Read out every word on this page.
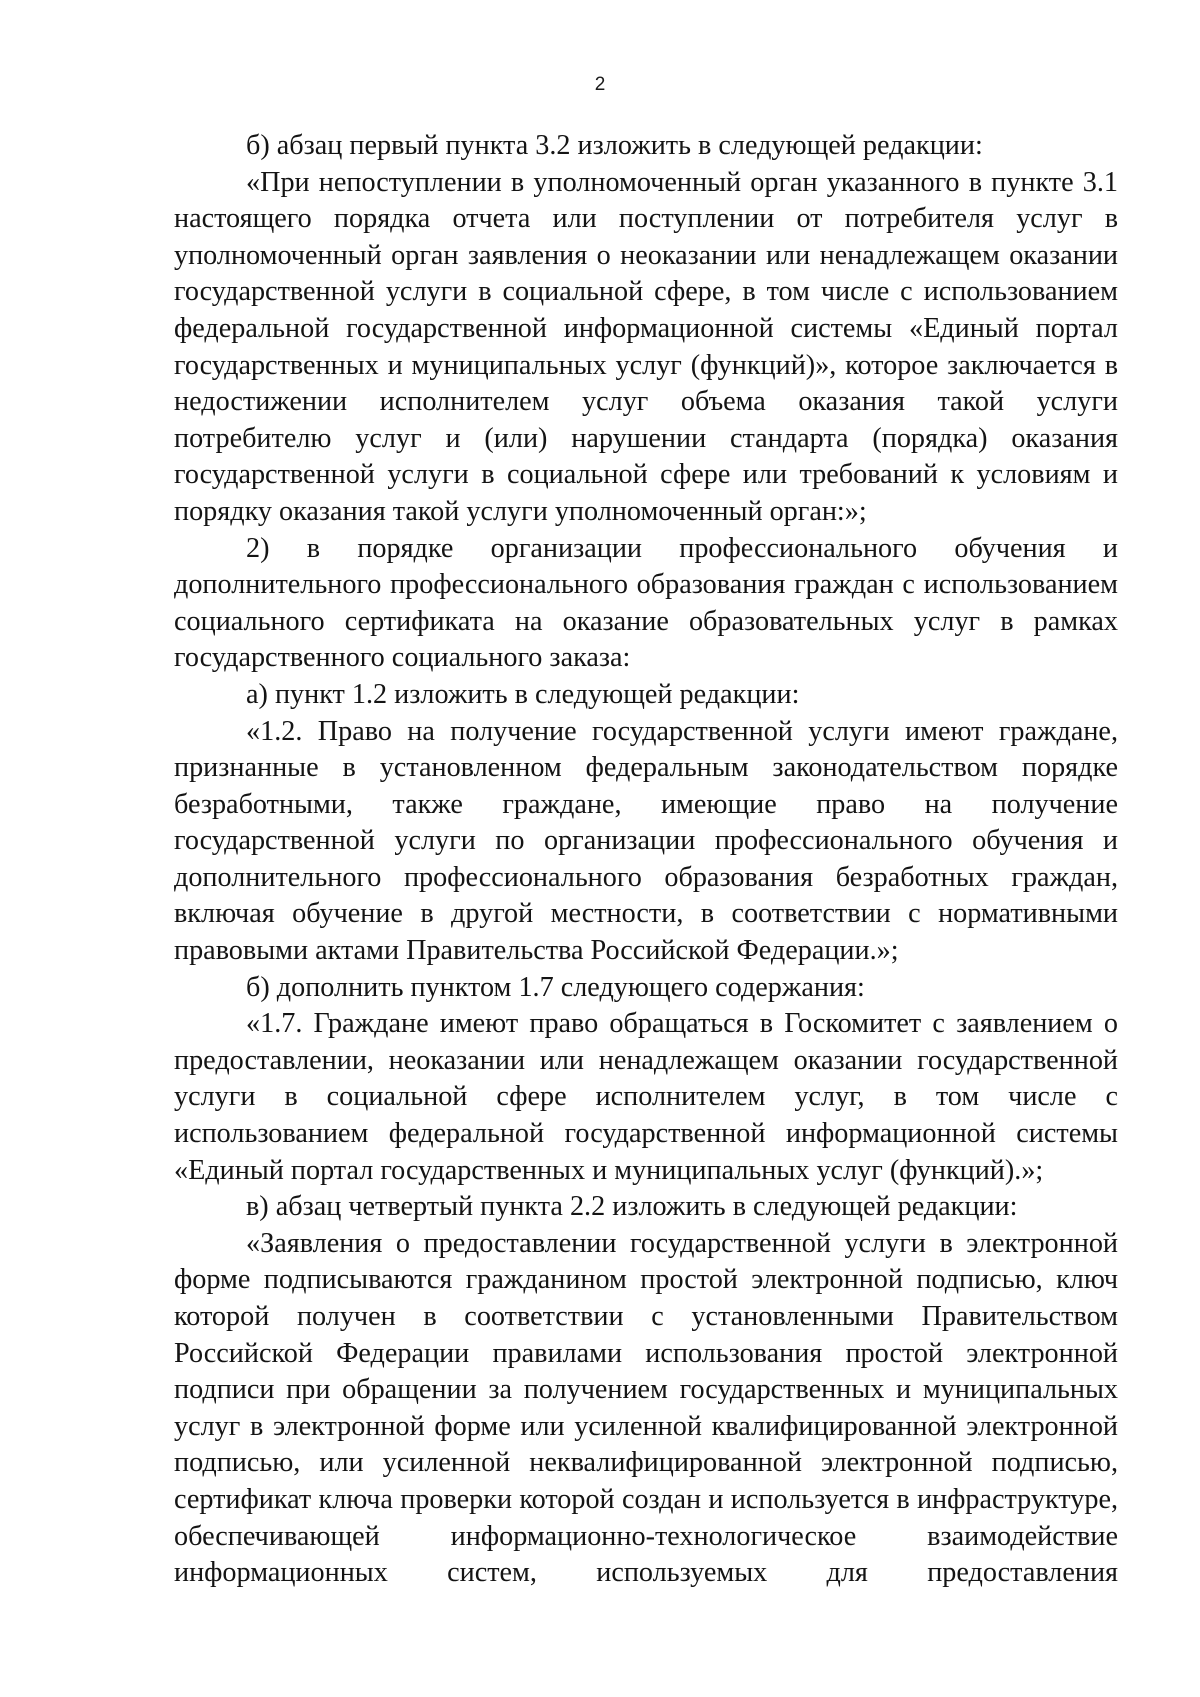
2

б) абзац первый пункта 3.2 изложить в следующей редакции:

«При непоступлении в уполномоченный орган указанного в пункте 3.1 настоящего порядка отчета или поступлении от потребителя услуг в уполномоченный орган заявления о неоказании или ненадлежащем оказании государственной услуги в социальной сфере, в том числе с использованием федеральной государственной информационной системы «Единый портал государственных и муниципальных услуг (функций)», которое заключается в недостижении исполнителем услуг объема оказания такой услуги потребителю услуг и (или) нарушении стандарта (порядка) оказания государственной услуги в социальной сфере или требований к условиям и порядку оказания такой услуги уполномоченный орган:»;

2) в порядке организации профессионального обучения и дополнительного профессионального образования граждан с использованием социального сертификата на оказание образовательных услуг в рамках государственного социального заказа:

а) пункт 1.2 изложить в следующей редакции:

«1.2. Право на получение государственной услуги имеют граждане, признанные в установленном федеральным законодательством порядке безработными, также граждане, имеющие право на получение государственной услуги по организации профессионального обучения и дополнительного профессионального образования безработных граждан, включая обучение в другой местности, в соответствии с нормативными правовыми актами Правительства Российской Федерации.»;

б) дополнить пунктом 1.7 следующего содержания:

«1.7. Граждане имеют право обращаться в Госкомитет с заявлением о предоставлении, неоказании или ненадлежащем оказании государственной услуги в социальной сфере исполнителем услуг, в том числе с использованием федеральной государственной информационной системы «Единый портал государственных и муниципальных услуг (функций).»;

в) абзац четвертый пункта 2.2 изложить в следующей редакции:

«Заявления о предоставлении государственной услуги в электронной форме подписываются гражданином простой электронной подписью, ключ которой получен в соответствии с установленными Правительством Российской Федерации правилами использования простой электронной подписи при обращении за получением государственных и муниципальных услуг в электронной форме или усиленной квалифицированной электронной подписью, или усиленной неквалифицированной электронной подписью, сертификат ключа проверки которой создан и используется в инфраструктуре, обеспечивающей информационно-технологическое взаимодействие информационных систем, используемых для предоставления
